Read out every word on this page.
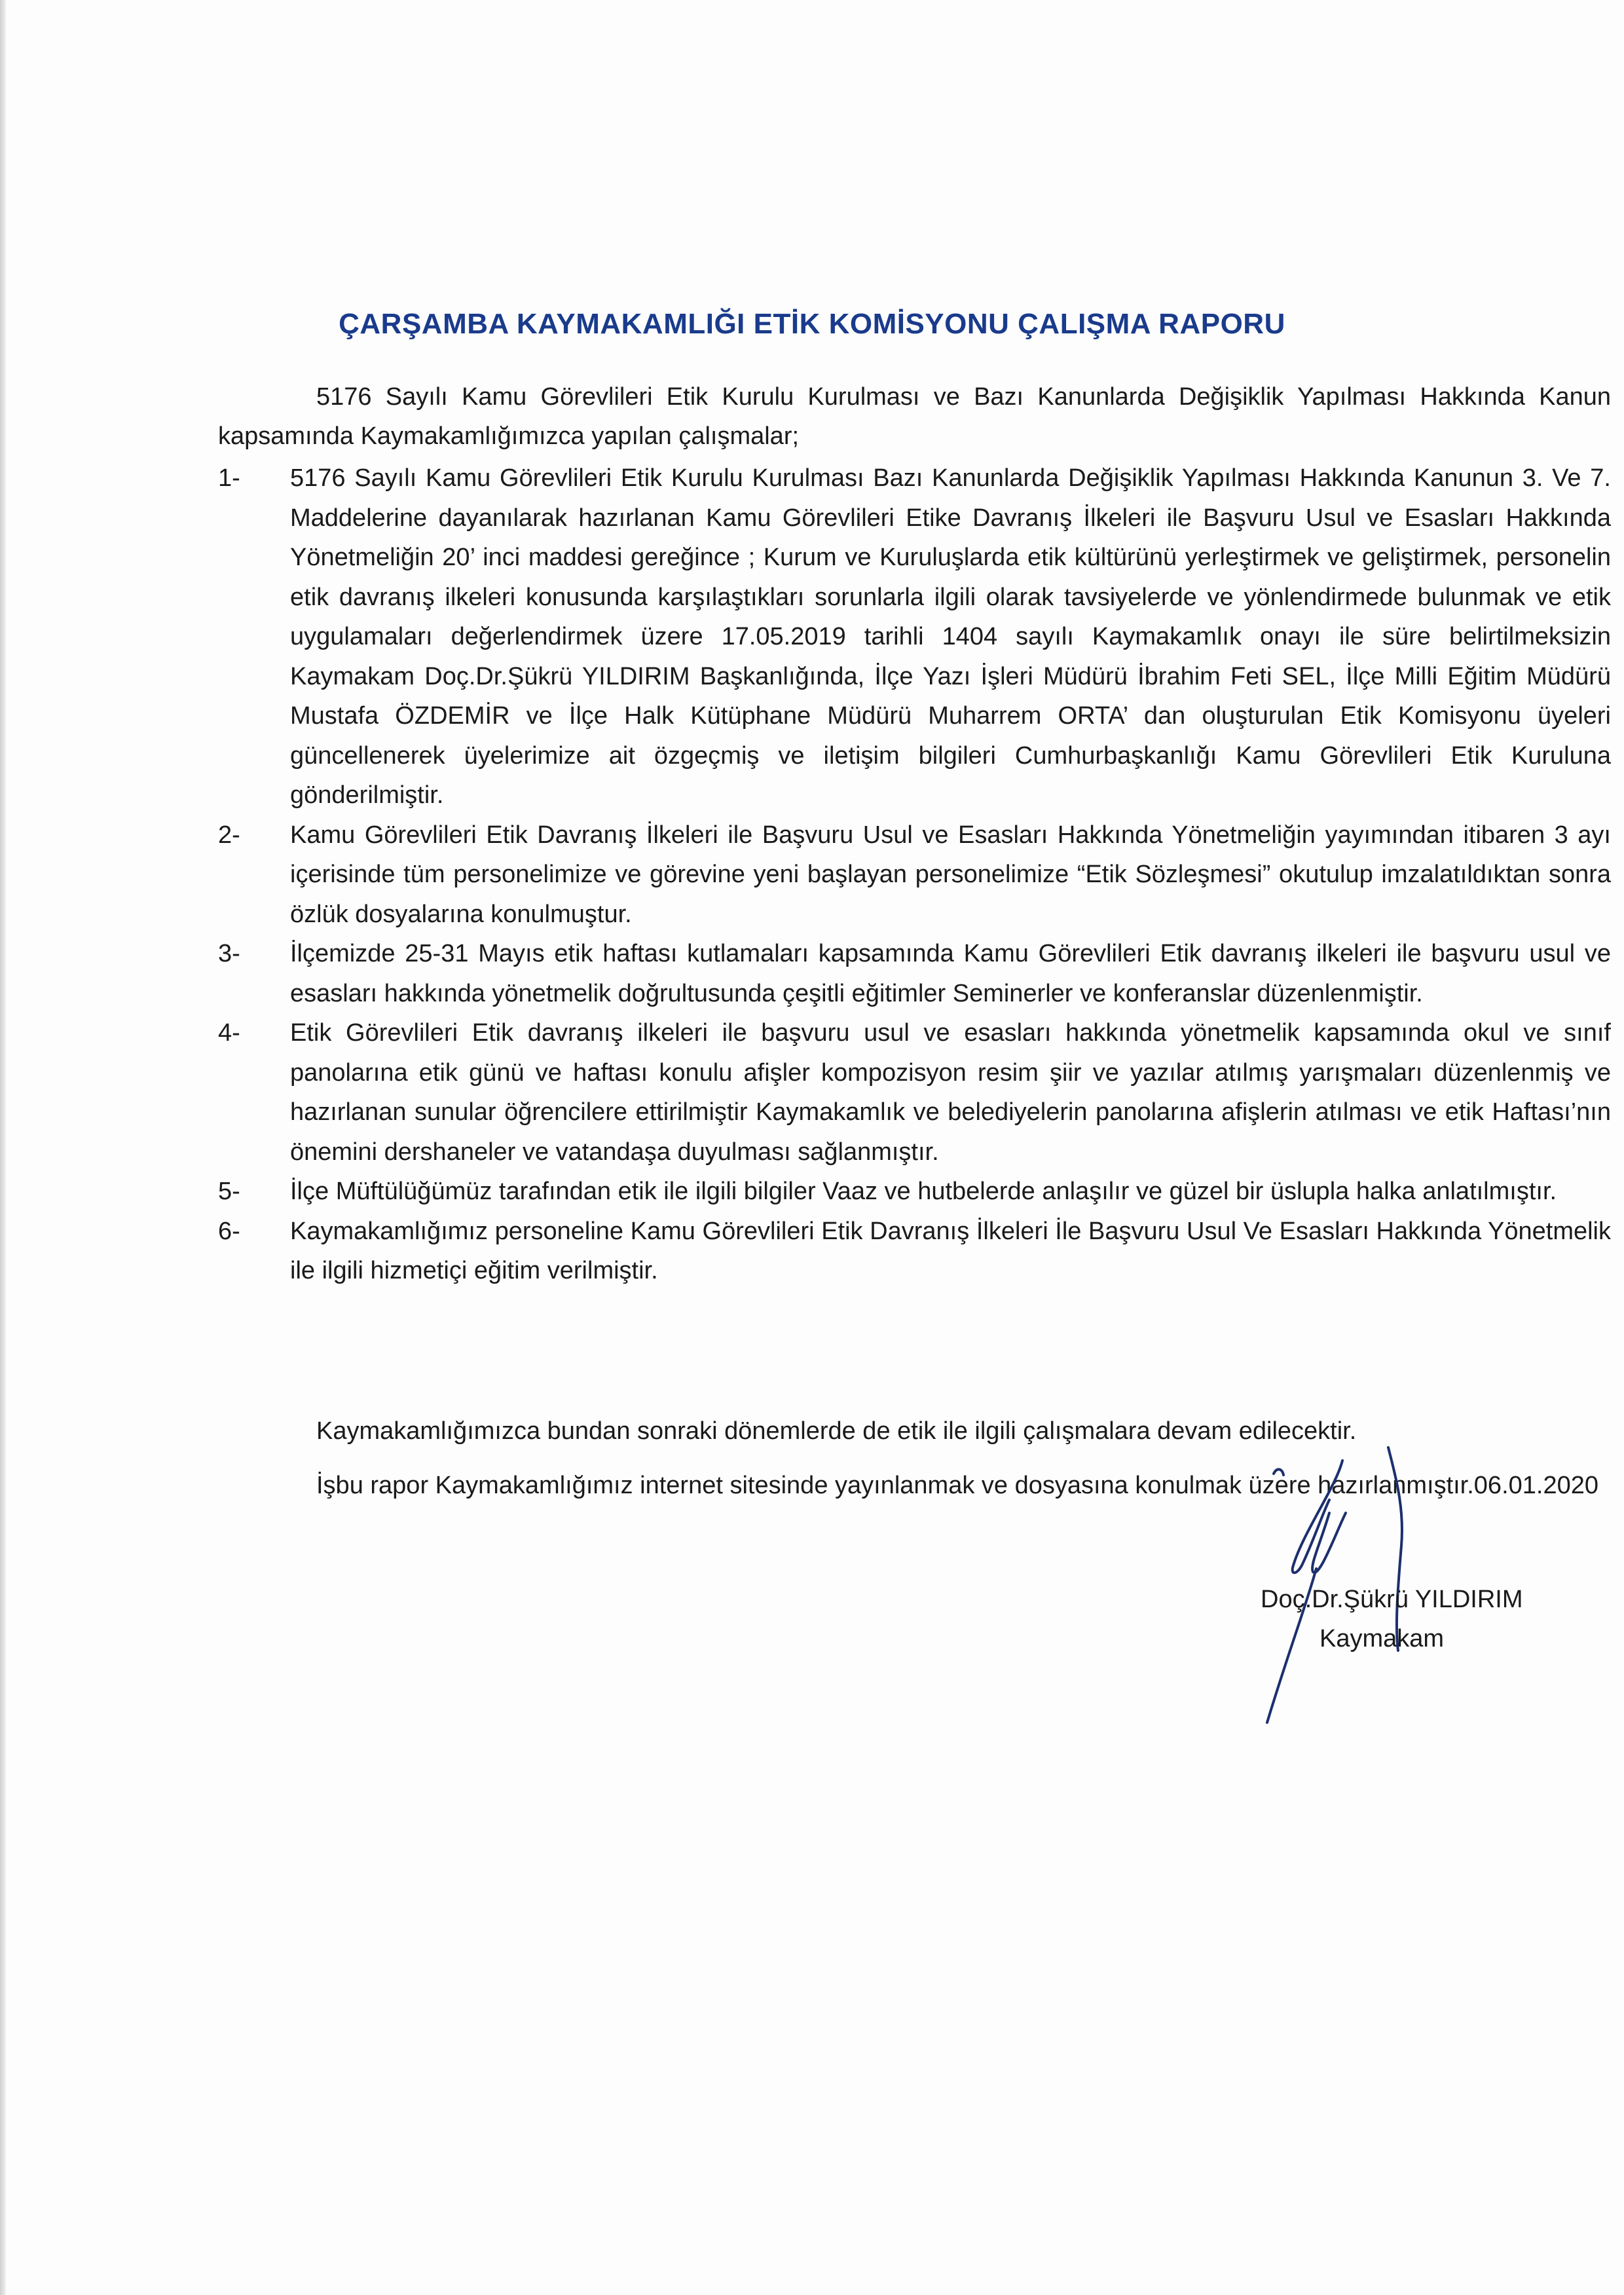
ÇARŞAMBA KAYMAKAMLIĞI ETİK KOMİSYONU ÇALIŞMA RAPORU
5176 Sayılı Kamu Görevlileri Etik Kurulu Kurulması ve Bazı Kanunlarda Değişiklik Yapılması Hakkında Kanun kapsamında Kaymakamlığımızca yapılan çalışmalar;
1-	5176 Sayılı Kamu Görevlileri Etik Kurulu Kurulması Bazı Kanunlarda Değişiklik Yapılması Hakkında Kanunun 3. Ve 7. Maddelerine dayanılarak hazırlanan Kamu Görevlileri Etike Davranış İlkeleri ile Başvuru Usul ve Esasları Hakkında Yönetmeliğin 20’ inci maddesi gereğince ; Kurum ve Kuruluşlarda etik kültürünü yerleştirmek ve geliştirmek, personelin etik davranış ilkeleri konusunda karşılaştıkları sorunlarla ilgili olarak tavsiyelerde ve yönlendirmede bulunmak ve etik uygulamaları değerlendirmek üzere 17.05.2019 tarihli 1404 sayılı Kaymakamlık onayı ile süre belirtilmeksizin Kaymakam Doç.Dr.Şükrü YILDIRIM Başkanlığında, İlçe Yazı İşleri Müdürü İbrahim Feti SEL, İlçe Milli Eğitim Müdürü Mustafa ÖZDEMİR ve İlçe Halk Kütüphane Müdürü Muharrem ORTA’ dan oluşturulan Etik Komisyonu üyeleri güncellenerek üyelerimize ait özgeçmiş ve iletişim bilgileri Cumhurbaşkanlığı Kamu Görevlileri Etik Kuruluna gönderilmiştir.
2-	Kamu Görevlileri Etik Davranış İlkeleri ile Başvuru Usul ve Esasları Hakkında Yönetmeliğin yayımından itibaren 3 ayı içerisinde tüm personelimize ve görevine yeni başlayan personelimize “Etik Sözleşmesi” okutulup imzalatıldıktan sonra özlük dosyalarına konulmuştur.
3-	İlçemizde 25-31 Mayıs etik haftası kutlamaları kapsamında Kamu Görevlileri Etik davranış ilkeleri ile başvuru usul ve esasları hakkında yönetmelik doğrultusunda çeşitli eğitimler Seminerler ve konferanslar düzenlenmiştir.
4-	Etik Görevlileri Etik davranış ilkeleri ile başvuru usul ve esasları hakkında yönetmelik kapsamında okul ve sınıf panolarına etik günü ve haftası konulu afişler kompozisyon resim şiir ve yazılar atılmış yarışmaları düzenlenmiş ve hazırlanan sunular öğrencilere ettirilmiştir Kaymakamlık ve belediyelerin panolarına afişlerin atılması ve etik Haftası’nın önemini dershaneler ve vatandaşa duyulması sağlanmıştır.
5-	İlçe Müftülüğümüz tarafından etik ile ilgili bilgiler Vaaz ve hutbelerde anlaşılır ve güzel bir üslupla halka anlatılmıştır.
6-	Kaymakamlığımız personeline Kamu Görevlileri Etik Davranış İlkeleri İle Başvuru Usul Ve Esasları Hakkında Yönetmelik ile ilgili hizmetiçi eğitim verilmiştir.
Kaymakamlığımızca bundan sonraki dönemlerde de etik ile ilgili çalışmalara devam edilecektir.
İşbu rapor Kaymakamlığımız internet sitesinde yayınlanmak ve dosyasına konulmak üzere hazırlanmıştır.06.01.2020
Doç.Dr.Şükrü YILDIRIM
Kaymakam
